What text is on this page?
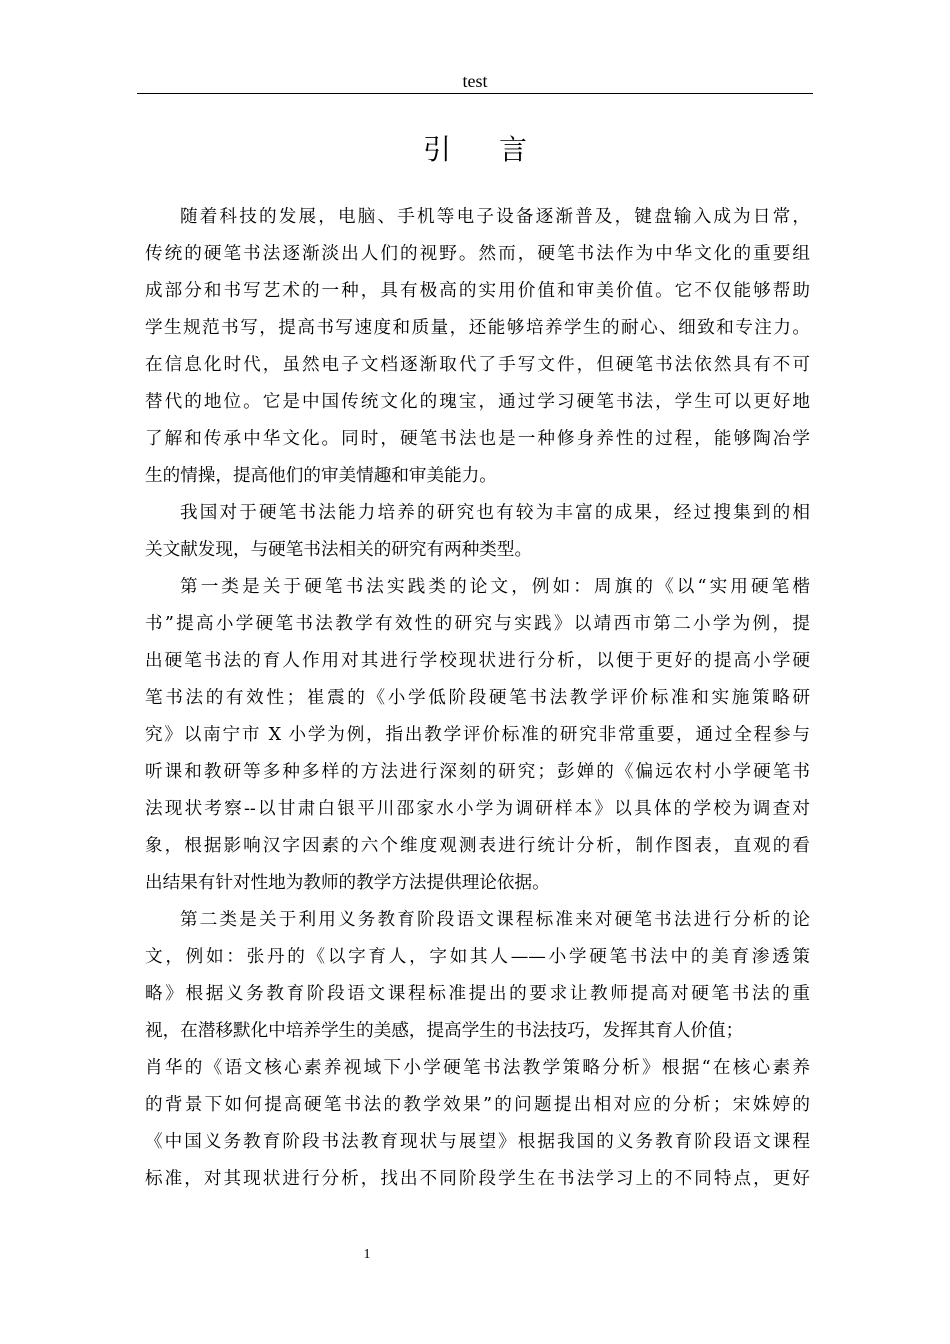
test
引言
随着科技的发展，电脑、手机等电子设备逐渐普及，键盘输入成为日常，
传统的硬笔书法逐渐淡出人们的视野。然而，硬笔书法作为中华文化的重要组
成部分和书写艺术的一种，具有极高的实用价值和审美价值。它不仅能够帮助
学生规范书写，提高书写速度和质量，还能够培养学生的耐心、细致和专注力。
在信息化时代，虽然电子文档逐渐取代了手写文件，但硬笔书法依然具有不可
替代的地位。它是中国传统文化的瑰宝，通过学习硬笔书法，学生可以更好地
了解和传承中华文化。同时，硬笔书法也是一种修身养性的过程，能够陶冶学
生的情操，提高他们的审美情趣和审美能力。
我国对于硬笔书法能力培养的研究也有较为丰富的成果，经过搜集到的相
关文献发现，与硬笔书法相关的研究有两种类型。
第一类是关于硬笔书法实践类的论文，例如：周旗的《以“实用硬笔楷
书”提高小学硬笔书法教学有效性的研究与实践》以靖西市第二小学为例，提
出硬笔书法的育人作用对其进行学校现状进行分析，以便于更好的提高小学硬
笔书法的有效性；崔震的《小学低阶段硬笔书法教学评价标准和实施策略研
究》以南宁市 X 小学为例，指出教学评价标准的研究非常重要，通过全程参与
听课和教研等多种多样的方法进行深刻的研究；彭婵的《偏远农村小学硬笔书
法现状考察--以甘肃白银平川邵家水小学为调研样本》以具体的学校为调查对
象，根据影响汉字因素的六个维度观测表进行统计分析，制作图表，直观的看
出结果有针对性地为教师的教学方法提供理论依据。
第二类是关于利用义务教育阶段语文课程标准来对硬笔书法进行分析的论
文，例如：张丹的《以字育人，字如其人——小学硬笔书法中的美育渗透策
略》根据义务教育阶段语文课程标准提出的要求让教师提高对硬笔书法的重
视，在潜移默化中培养学生的美感，提高学生的书法技巧，发挥其育人价值；
肖华的《语文核心素养视域下小学硬笔书法教学策略分析》根据“在核心素养
的背景下如何提高硬笔书法的教学效果”的问题提出相对应的分析；宋姝婷的
《中国义务教育阶段书法教育现状与展望》根据我国的义务教育阶段语文课程
标准，对其现状进行分析，找出不同阶段学生在书法学习上的不同特点，更好
1
